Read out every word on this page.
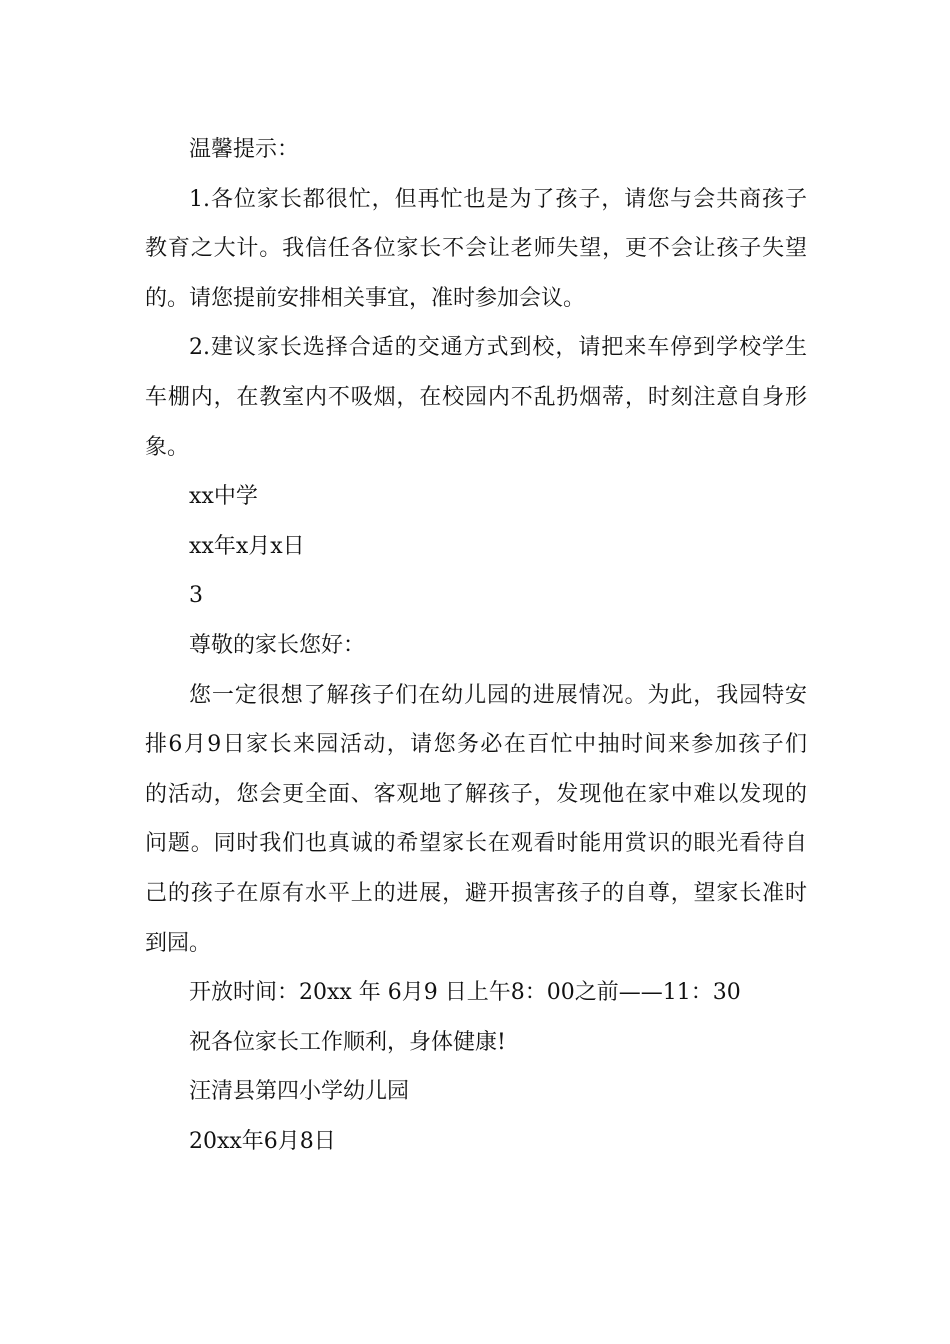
温馨提示：
1.各位家长都很忙，但再忙也是为了孩子，请您与会共商孩子
教育之大计。我信任各位家长不会让老师失望，更不会让孩子失望
的。请您提前安排相关事宜，准时参加会议。
2.建议家长选择合适的交通方式到校，请把来车停到学校学生
车棚内，在教室内不吸烟，在校园内不乱扔烟蒂，时刻注意自身形
象。
xx中学
xx年x月x日
3
尊敬的家长您好：
您一定很想了解孩子们在幼儿园的进展情况。为此，我园特安
排6月9日家长来园活动，请您务必在百忙中抽时间来参加孩子们
的活动，您会更全面、客观地了解孩子，发现他在家中难以发现的
问题。同时我们也真诚的希望家长在观看时能用赏识的眼光看待自
己的孩子在原有水平上的进展，避开损害孩子的自尊，望家长准时
到园。
开放时间：20xx 年 6月9 日上午8：00之前——11：30
祝各位家长工作顺利，身体健康!
汪清县第四小学幼儿园
20xx年6月8日
